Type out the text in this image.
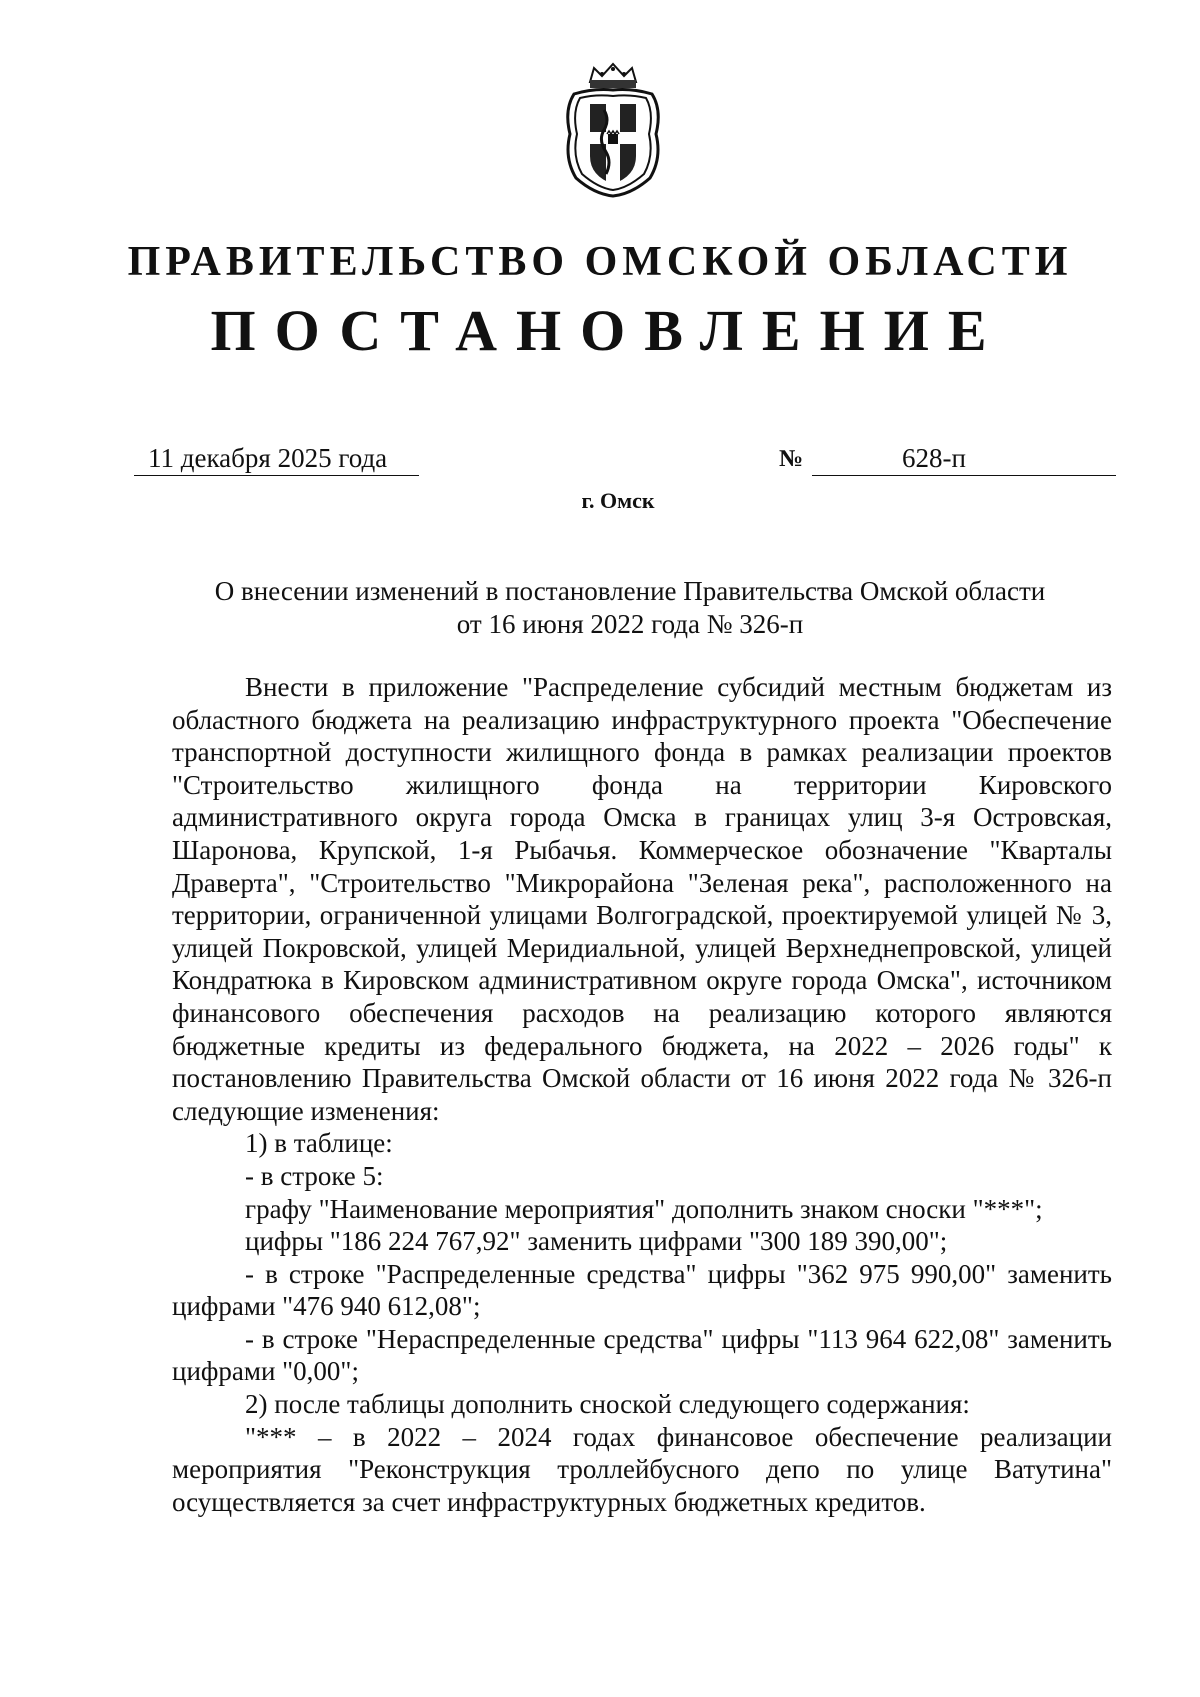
ПРАВИТЕЛЬСТВО ОМСКОЙ ОБЛАСТИ
ПОСТАНОВЛЕНИЕ
11 декабря 2025 года	№	628-п
г. Омск
О внесении изменений в постановление Правительства Омской области
от 16 июня 2022 года № 326-п

Внести в приложение "Распределение субсидий местным бюджетам из областного бюджета на реализацию инфраструктурного проекта "Обеспечение транспортной доступности жилищного фонда в рамках реализации проектов "Строительство жилищного фонда на территории Кировского административного округа города Омска в границах улиц 3-я Островская, Шаронова, Крупской, 1-я Рыбачья. Коммерческое обозначение "Кварталы Драверта", "Строительство "Микрорайона "Зеленая река", расположенного на территории, ограниченной улицами Волгоградской, проектируемой улицей № 3, улицей Покровской, улицей Меридиальной, улицей Верхнеднепровской, улицей Кондратюка в Кировском административном округе города Омска", источником финансового обеспечения расходов на реализацию которого являются бюджетные кредиты из федерального бюджета, на 2022 – 2026 годы" к постановлению Правительства Омской области от 16 июня 2022 года № 326-п следующие изменения:

1) в таблице:

- в строке 5:

графу "Наименование мероприятия" дополнить знаком сноски "***";

цифры "186 224 767,92" заменить цифрами "300 189 390,00";

- в строке "Распределенные средства" цифры "362 975 990,00" заменить цифрами "476 940 612,08";

- в строке "Нераспределенные средства" цифры "113 964 622,08" заменить цифрами "0,00";

2) после таблицы дополнить сноской следующего содержания:

"*** – в 2022 – 2024 годах финансовое обеспечение реализации мероприятия "Реконструкция троллейбусного депо по улице Ватутина" осуществляется за счет инфраструктурных бюджетных кредитов.
